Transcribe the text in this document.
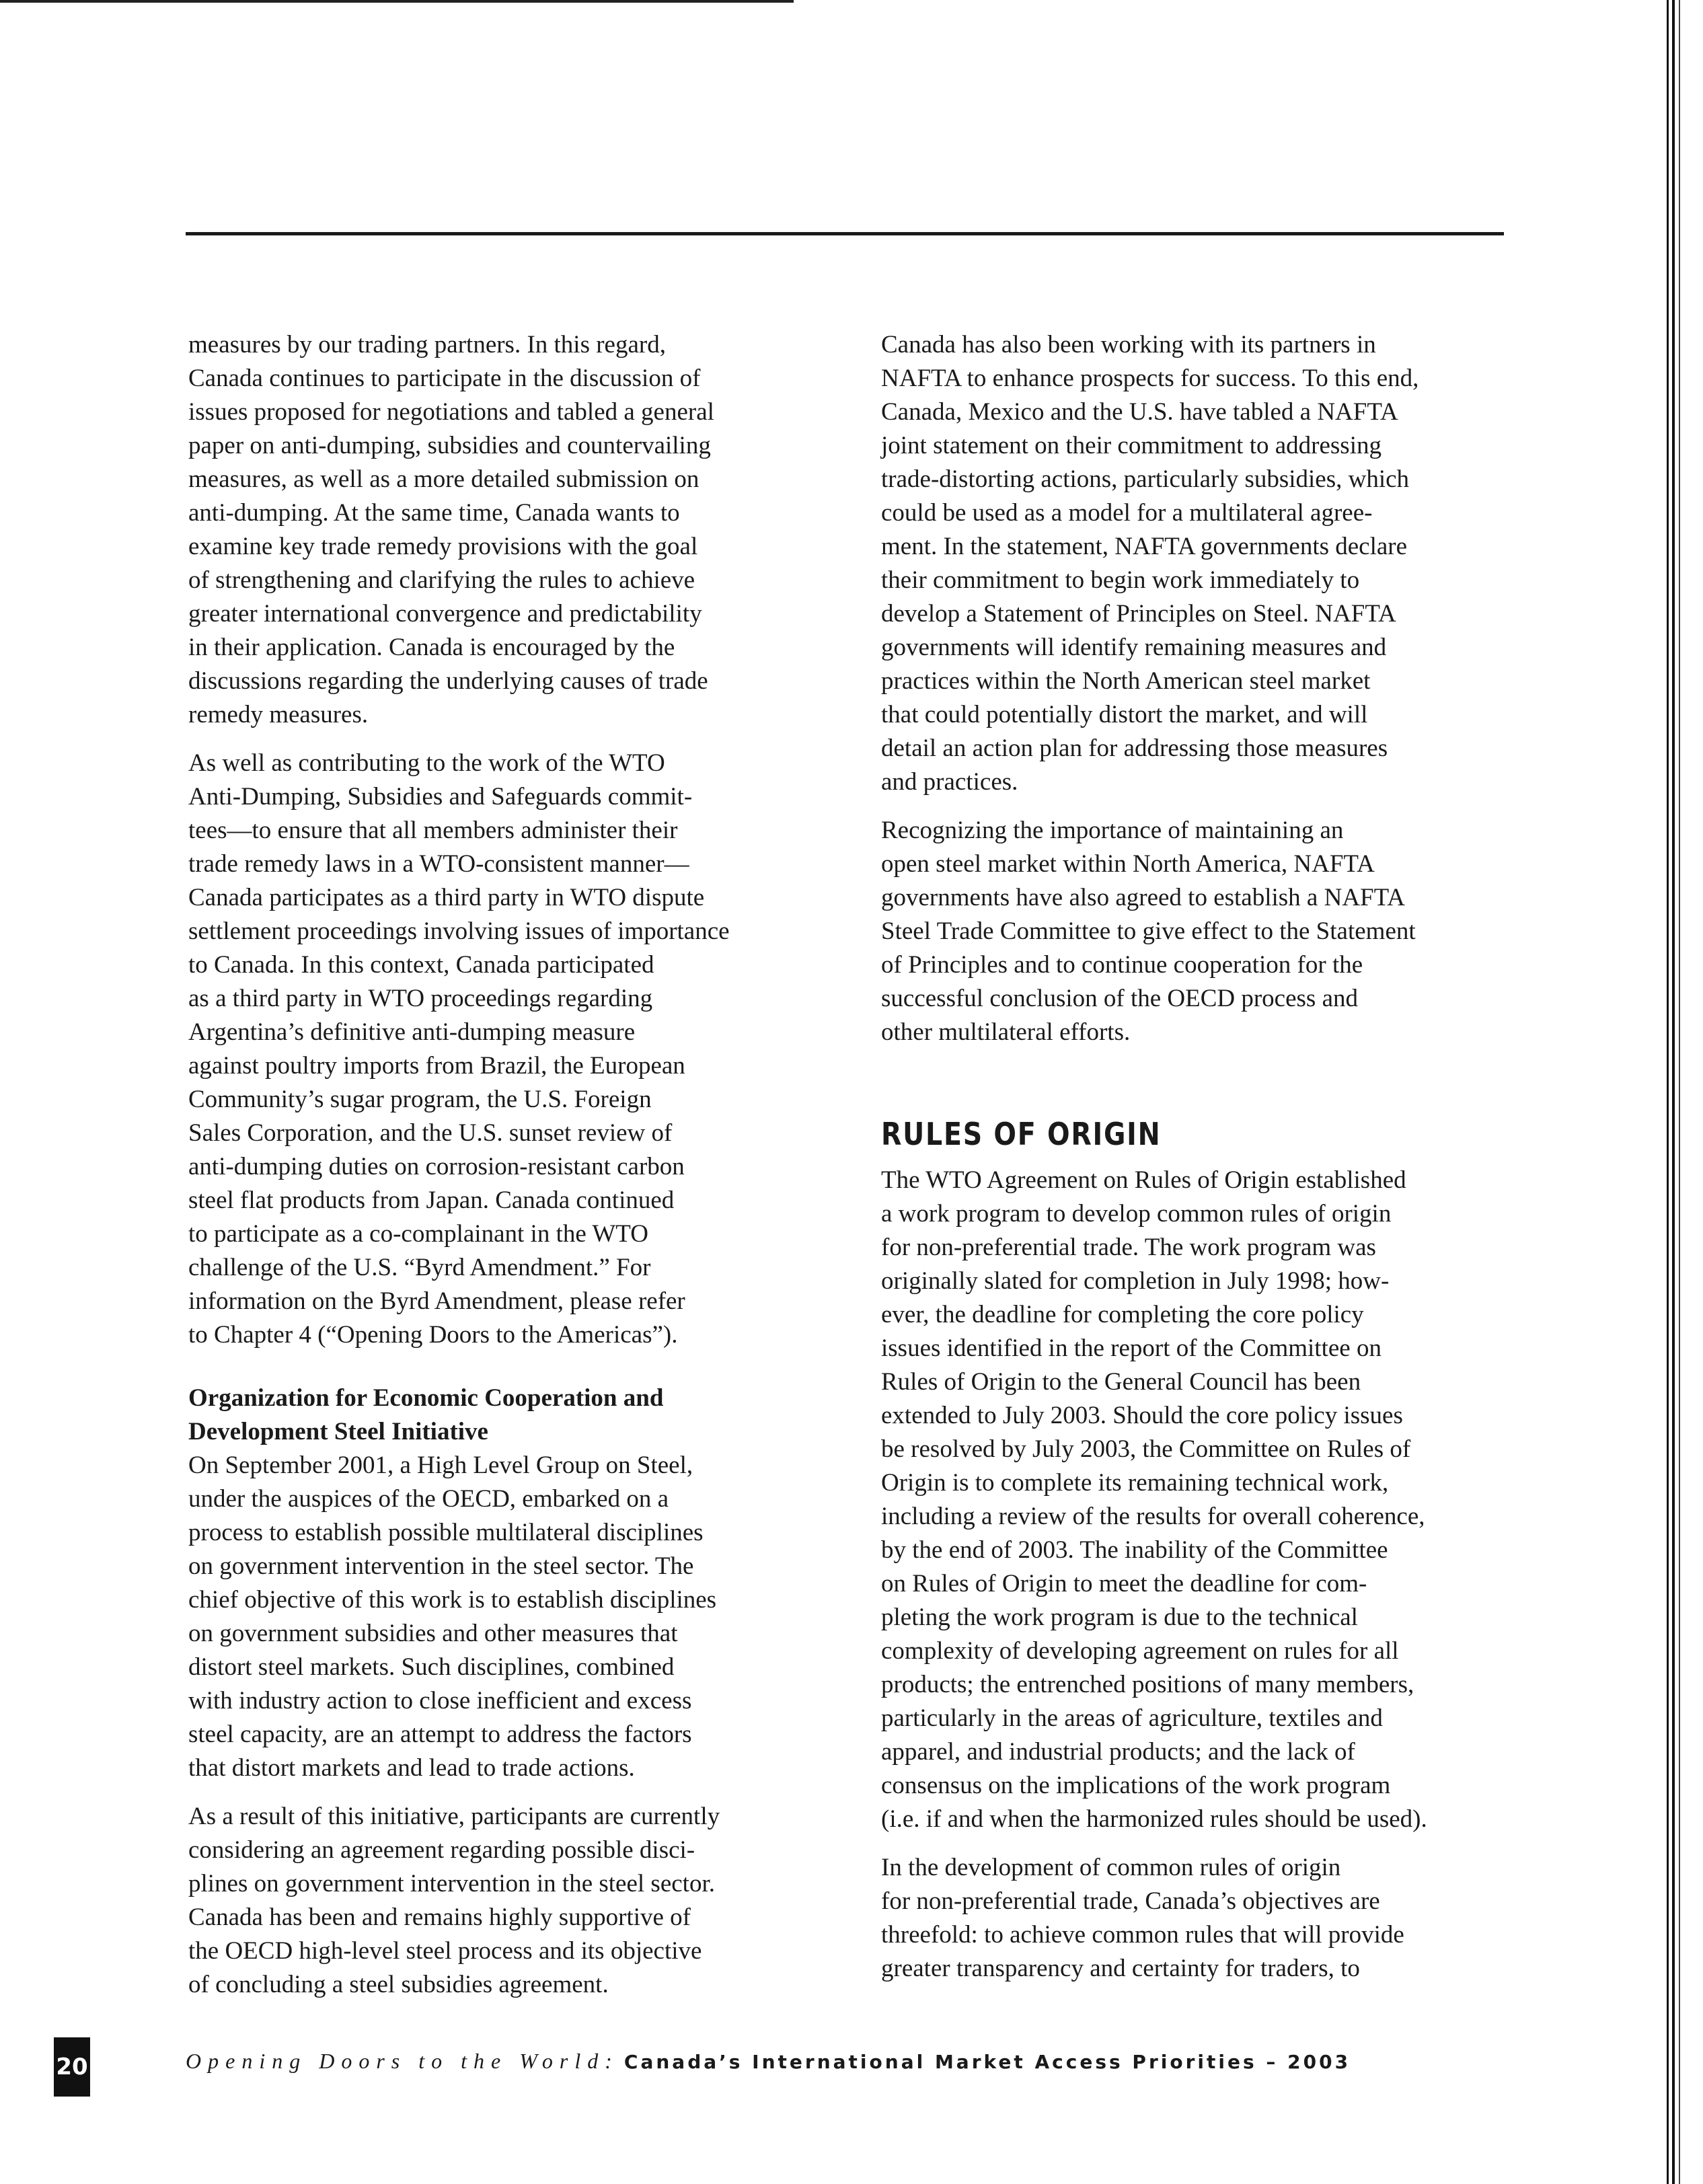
measures by our trading partners. In this regard,
Canada continues to participate in the discussion of
issues proposed for negotiations and tabled a general
paper on anti-dumping, subsidies and countervailing
measures, as well as a more detailed submission on
anti-dumping. At the same time, Canada wants to
examine key trade remedy provisions with the goal
of strengthening and clarifying the rules to achieve
greater international convergence and predictability
in their application. Canada is encouraged by the
discussions regarding the underlying causes of trade
remedy measures.

As well as contributing to the work of the WTO
Anti-Dumping, Subsidies and Safeguards commit-
tees—to ensure that all members administer their
trade remedy laws in a WTO-consistent manner—
Canada participates as a third party in WTO dispute
settlement proceedings involving issues of importance
to Canada. In this context, Canada participated
as a third party in WTO proceedings regarding
Argentina’s definitive anti-dumping measure
against poultry imports from Brazil, the European
Community’s sugar program, the U.S. Foreign
Sales Corporation, and the U.S. sunset review of
anti-dumping duties on corrosion-resistant carbon
steel flat products from Japan. Canada continued
to participate as a co-complainant in the WTO
challenge of the U.S. “Byrd Amendment.” For
information on the Byrd Amendment, please refer
to Chapter 4 (“Opening Doors to the Americas”).

Organization for Economic Cooperation and
Development Steel Initiative

On September 2001, a High Level Group on Steel,
under the auspices of the OECD, embarked on a
process to establish possible multilateral disciplines
on government intervention in the steel sector. The
chief objective of this work is to establish disciplines
on government subsidies and other measures that
distort steel markets. Such disciplines, combined
with industry action to close inefficient and excess
steel capacity, are an attempt to address the factors
that distort markets and lead to trade actions.

As a result of this initiative, participants are currently
considering an agreement regarding possible disci-
plines on government intervention in the steel sector.
Canada has been and remains highly supportive of
the OECD high-level steel process and its objective
of concluding a steel subsidies agreement.

Canada has also been working with its partners in
NAFTA to enhance prospects for success. To this end,
Canada, Mexico and the U.S. have tabled a NAFTA
joint statement on their commitment to addressing
trade-distorting actions, particularly subsidies, which
could be used as a model for a multilateral agree-
ment. In the statement, NAFTA governments declare
their commitment to begin work immediately to
develop a Statement of Principles on Steel. NAFTA
governments will identify remaining measures and
practices within the North American steel market
that could potentially distort the market, and will
detail an action plan for addressing those measures
and practices.

Recognizing the importance of maintaining an
open steel market within North America, NAFTA
governments have also agreed to establish a NAFTA
Steel Trade Committee to give effect to the Statement
of Principles and to continue cooperation for the
successful conclusion of the OECD process and
other multilateral efforts.

RULES OF ORIGIN

The WTO Agreement on Rules of Origin established
a work program to develop common rules of origin
for non-preferential trade. The work program was
originally slated for completion in July 1998; how-
ever, the deadline for completing the core policy
issues identified in the report of the Committee on
Rules of Origin to the General Council has been
extended to July 2003. Should the core policy issues
be resolved by July 2003, the Committee on Rules of
Origin is to complete its remaining technical work,
including a review of the results for overall coherence,
by the end of 2003. The inability of the Committee
on Rules of Origin to meet the deadline for com-
pleting the work program is due to the technical
complexity of developing agreement on rules for all
products; the entrenched positions of many members,
particularly in the areas of agriculture, textiles and
apparel, and industrial products; and the lack of
consensus on the implications of the work program
(i.e. if and when the harmonized rules should be used).

In the development of common rules of origin
for non-preferential trade, Canada’s objectives are
threefold: to achieve common rules that will provide
greater transparency and certainty for traders, to

20	Opening Doors to the World: Canada’s International Market Access Priorities – 2003
